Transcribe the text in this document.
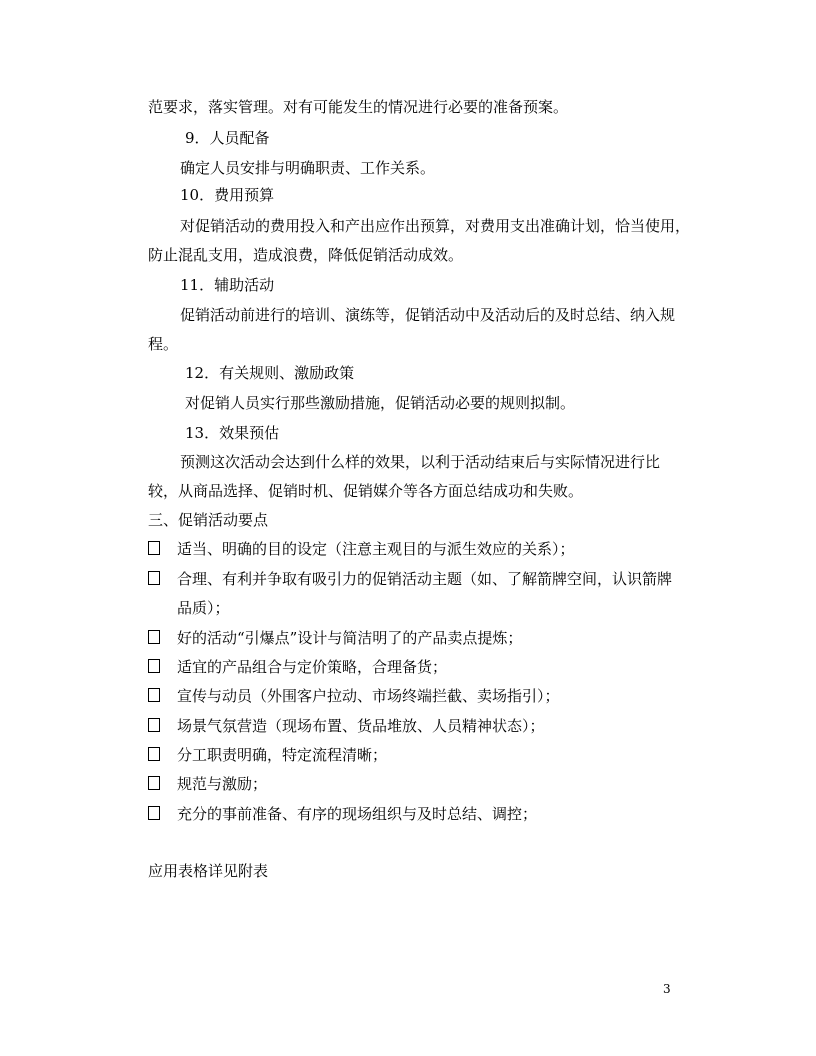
范要求，落实管理。对有可能发生的情况进行必要的准备预案。
9．人员配备
确定人员安排与明确职责、工作关系。
10．费用预算
对促销活动的费用投入和产出应作出预算，对费用支出准确计划，恰当使用，
防止混乱支用，造成浪费，降低促销活动成效。
11．辅助活动
促销活动前进行的培训、演练等，促销活动中及活动后的及时总结、纳入规
程。
12．有关规则、激励政策
对促销人员实行那些激励措施，促销活动必要的规则拟制。
13．效果预估
预测这次活动会达到什么样的效果，以利于活动结束后与实际情况进行比
较，从商品选择、促销时机、促销媒介等各方面总结成功和失败。
三、促销活动要点
适当、明确的目的设定（注意主观目的与派生效应的关系）；
合理、有利并争取有吸引力的促销活动主题（如、了解箭牌空间，认识箭牌
品质）；
好的活动“引爆点”设计与简洁明了的产品卖点提炼；
适宜的产品组合与定价策略，合理备货；
宣传与动员（外围客户拉动、市场终端拦截、卖场指引）；
场景气氛营造（现场布置、货品堆放、人员精神状态）；
分工职责明确，特定流程清晰；
规范与激励；
充分的事前准备、有序的现场组织与及时总结、调控；
应用表格详见附表
3
